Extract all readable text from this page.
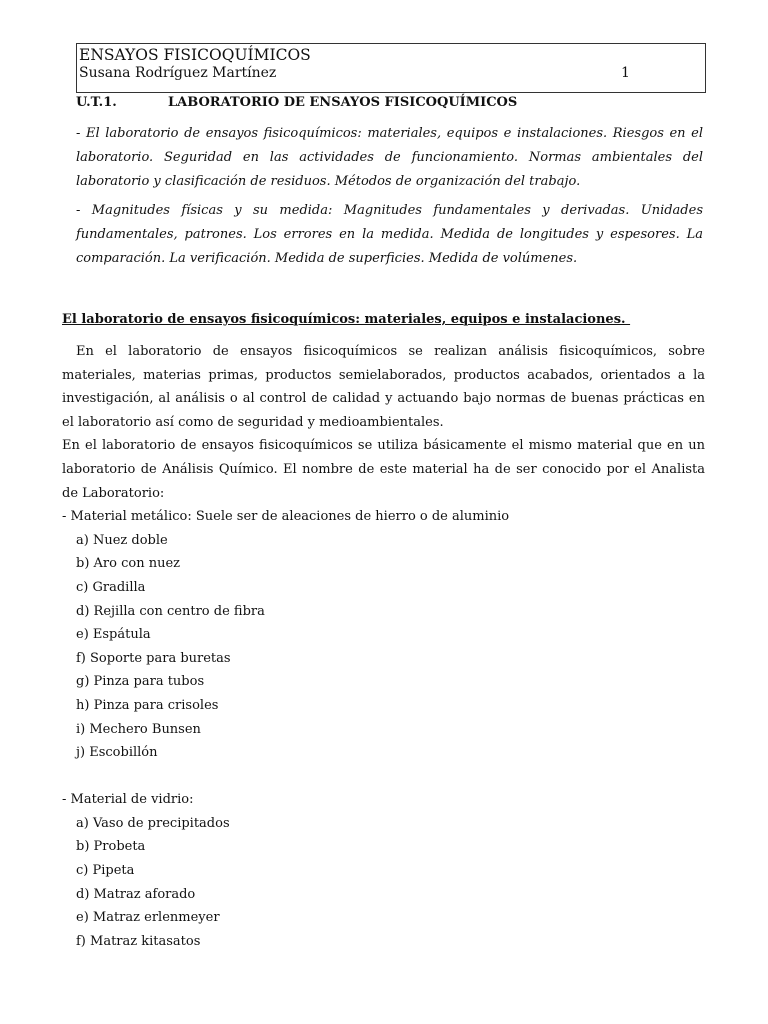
ENSAYOS FISICOQUÍMICOS
Susana Rodríguez Martínez	1
U.T.1.	LABORATORIO DE ENSAYOS FISICOQUÍMICOS

- El laboratorio de ensayos fisicoquímicos: materiales, equipos e instalaciones. Riesgos en el laboratorio. Seguridad en las actividades de funcionamiento. Normas ambientales del laboratorio y clasificación de residuos. Métodos de organización del trabajo.

- Magnitudes físicas y su medida: Magnitudes fundamentales y derivadas. Unidades fundamentales, patrones. Los errores en la medida. Medida de longitudes y espesores. La comparación. La verificación. Medida de superficies. Medida de volúmenes.

El laboratorio de ensayos fisicoquímicos: materiales, equipos e instalaciones.

En el laboratorio de ensayos fisicoquímicos se realizan análisis fisicoquímicos, sobre materiales, materias primas, productos semielaborados, productos acabados, orientados a la investigación, al análisis o al control de calidad y actuando bajo normas de buenas prácticas en el laboratorio así como de seguridad y medioambientales.

En el laboratorio de ensayos fisicoquímicos se utiliza básicamente el mismo material que en un laboratorio de Análisis Químico. El nombre de este material ha de ser conocido por el Analista de Laboratorio:

- Material metálico: Suele ser de aleaciones de hierro o de aluminio

a) Nuez doble
b) Aro con nuez
c) Gradilla
d) Rejilla con centro de fibra
e) Espátula
f) Soporte para buretas
g) Pinza para tubos
h) Pinza para crisoles
i) Mechero Bunsen
j) Escobillón

- Material de vidrio:

a) Vaso de precipitados
b) Probeta
c) Pipeta
d) Matraz aforado
e) Matraz erlenmeyer
f) Matraz kitasatos
